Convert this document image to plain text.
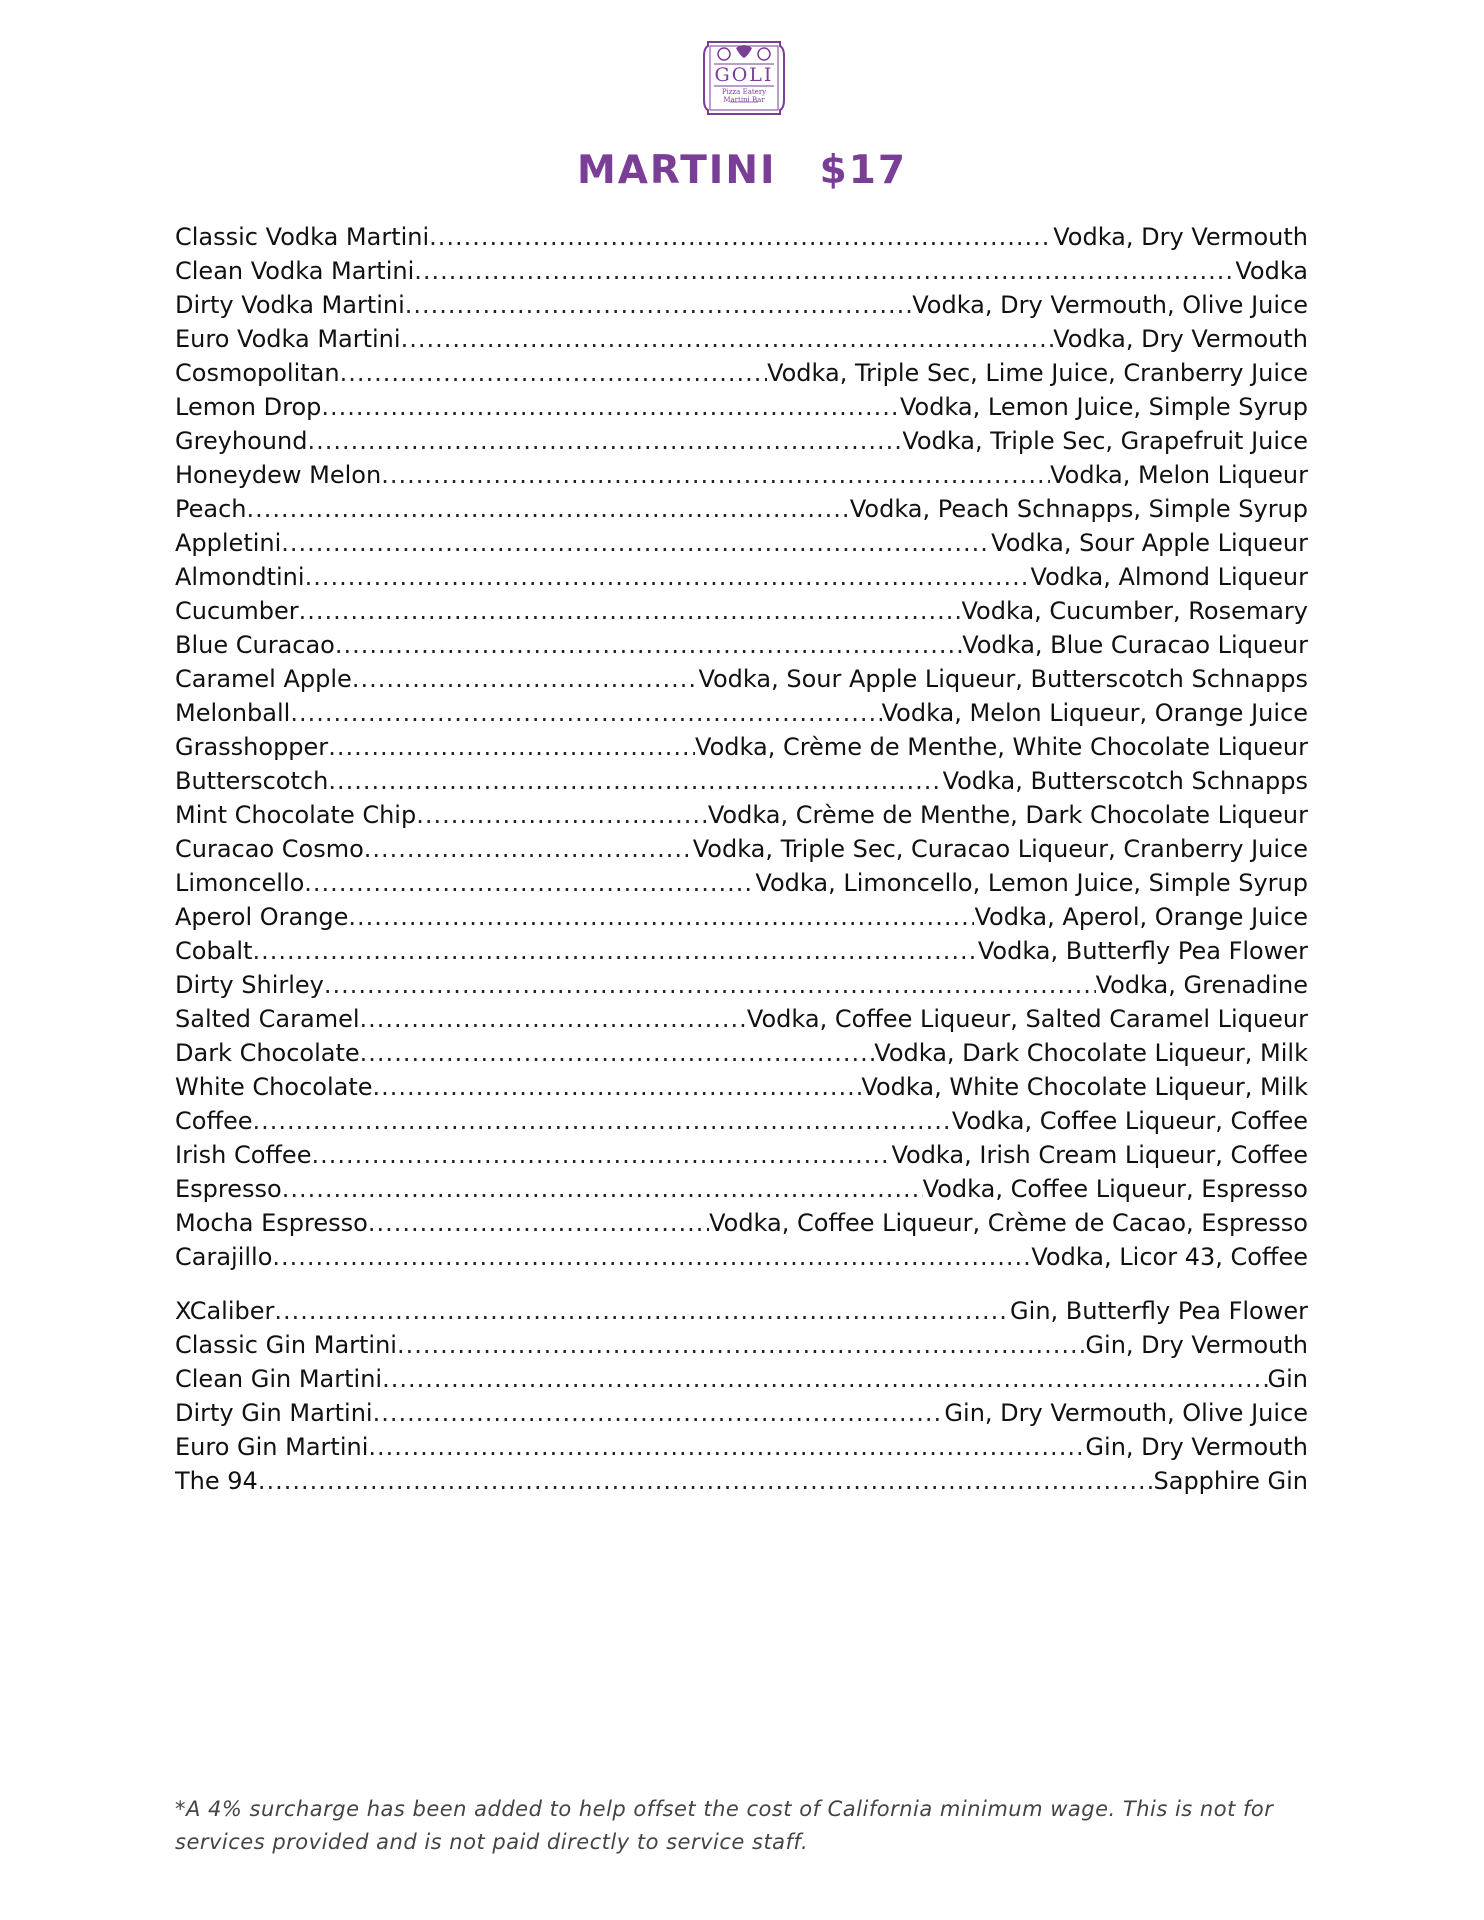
GOLI
Pizza Eatery
Martini Bar
MARTINI  $17
Classic Vodka Martini .....	Vodka, Dry Vermouth
Clean Vodka Martini .....	Vodka
Dirty Vodka Martini .....	Vodka, Dry Vermouth, Olive Juice
Euro Vodka Martini .....	Vodka, Dry Vermouth
Cosmopolitan .....	Vodka, Triple Sec, Lime Juice, Cranberry Juice
Lemon Drop .....	Vodka, Lemon Juice, Simple Syrup
Greyhound .....	Vodka, Triple Sec, Grapefruit Juice
Honeydew Melon .....	Vodka, Melon Liqueur
Peach .....	Vodka, Peach Schnapps, Simple Syrup
Appletini .....	Vodka, Sour Apple Liqueur
Almondtini .....	Vodka, Almond Liqueur
Cucumber .....	Vodka, Cucumber, Rosemary
Blue Curacao .....	Vodka, Blue Curacao Liqueur
Caramel Apple .....	Vodka, Sour Apple Liqueur, Butterscotch Schnapps
Melonball .....	Vodka, Melon Liqueur, Orange Juice
Grasshopper .....	Vodka, Crème de Menthe, White Chocolate Liqueur
Butterscotch .....	Vodka, Butterscotch Schnapps
Mint Chocolate Chip .....	Vodka, Crème de Menthe, Dark Chocolate Liqueur
Curacao Cosmo .....	Vodka, Triple Sec, Curacao Liqueur, Cranberry Juice
Limoncello .....	Vodka, Limoncello, Lemon Juice, Simple Syrup
Aperol Orange .....	Vodka, Aperol, Orange Juice
Cobalt .....	Vodka, Butterfly Pea Flower
Dirty Shirley .....	Vodka, Grenadine
Salted Caramel .....	Vodka, Coffee Liqueur, Salted Caramel Liqueur
Dark Chocolate .....	Vodka, Dark Chocolate Liqueur, Milk
White Chocolate .....	Vodka, White Chocolate Liqueur, Milk
Coffee .....	Vodka, Coffee Liqueur, Coffee
Irish Coffee .....	Vodka, Irish Cream Liqueur, Coffee
Espresso .....	Vodka, Coffee Liqueur, Espresso
Mocha Espresso .....	Vodka, Coffee Liqueur, Crème de Cacao, Espresso
Carajillo .....	Vodka, Licor 43, Coffee
XCaliber .....	Gin, Butterfly Pea Flower
Classic Gin Martini .....	Gin, Dry Vermouth
Clean Gin Martini .....	Gin
Dirty Gin Martini .....	Gin, Dry Vermouth, Olive Juice
Euro Gin Martini .....	Gin, Dry Vermouth
The 94 .....	Sapphire Gin
*A 4% surcharge has been added to help offset the cost of California minimum wage. This is not for services provided and is not paid directly to service staff.
